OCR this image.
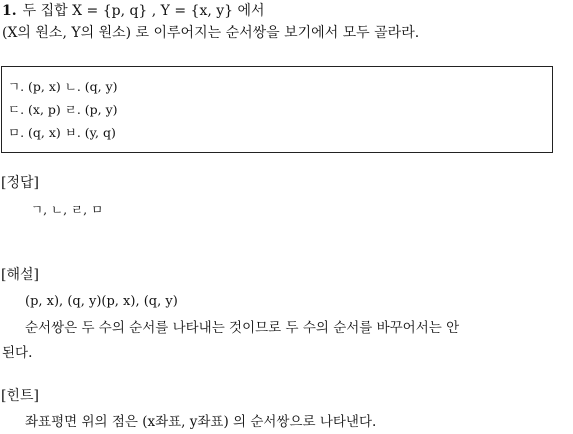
1. 두 집합 X = {p, q} , Y = {x, y} 에서
(X의 원소, Y의 원소) 로 이루어지는 순서쌍을 보기에서 모두 골라라.
ㄱ. (p, x) ㄴ. (q, y)
ㄷ. (x, p) ㄹ. (p, y)
ㅁ. (q, x) ㅂ. (y, q)
[정답]
ㄱ, ㄴ, ㄹ, ㅁ
[해설]
(p, x), (q, y)(p, x), (q, y)
순서쌍은 두 수의 순서를 나타내는 것이므로 두 수의 순서를 바꾸어서는 안
된다.
[힌트]
좌표평면 위의 점은 (x좌표, y좌표) 의 순서쌍으로 나타낸다.
